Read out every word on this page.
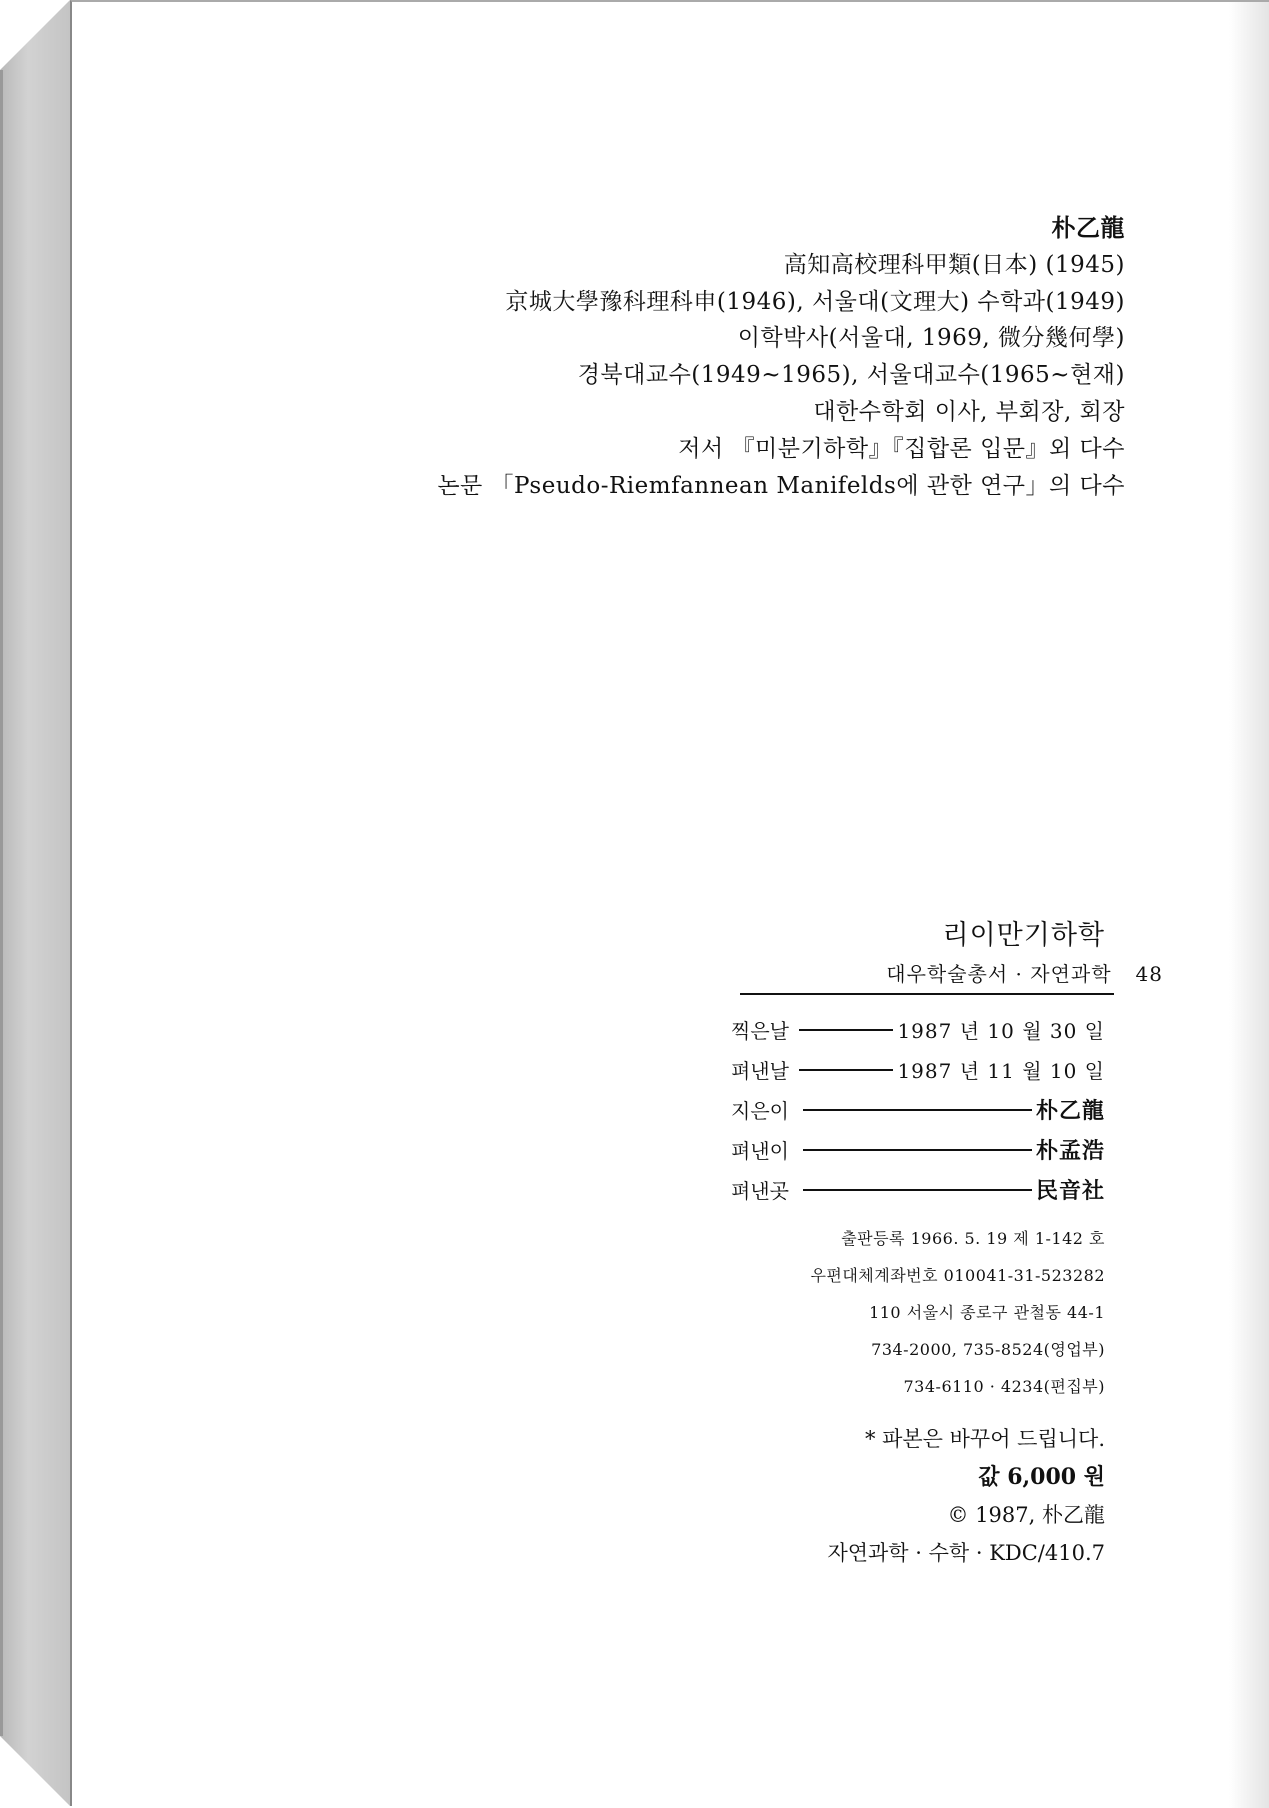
朴乙龍
高知高校理科甲類(日本) (1945)
京城大學豫科理科申(1946), 서울대(文理大) 수학과(1949)
이학박사(서울대, 1969, 微分幾何學)
경북대교수(1949~1965), 서울대교수(1965~현재)
대한수학회 이사, 부회장, 회장
저서 『미분기하학』『집합론 입문』외 다수
논문 「Pseudo-Riemfannean Manifelds에 관한 연구」의 다수
리이만기하학
대우학술총서 · 자연과학 48
찍은날	1987 년 10 월 30 일
펴낸날	1987 년 11 월 10 일
지은이	朴乙龍
펴낸이	朴孟浩
펴낸곳	民音社
출판등록 1966. 5. 19 제 1-142 호
우편대체계좌번호 010041-31-523282
110 서울시 종로구 관철동 44-1
734-2000, 735-8524(영업부)
734-6110 · 4234(편집부)
* 파본은 바꾸어 드립니다.
값 6,000 원
© 1987, 朴乙龍
자연과학 · 수학 · KDC/410.7
